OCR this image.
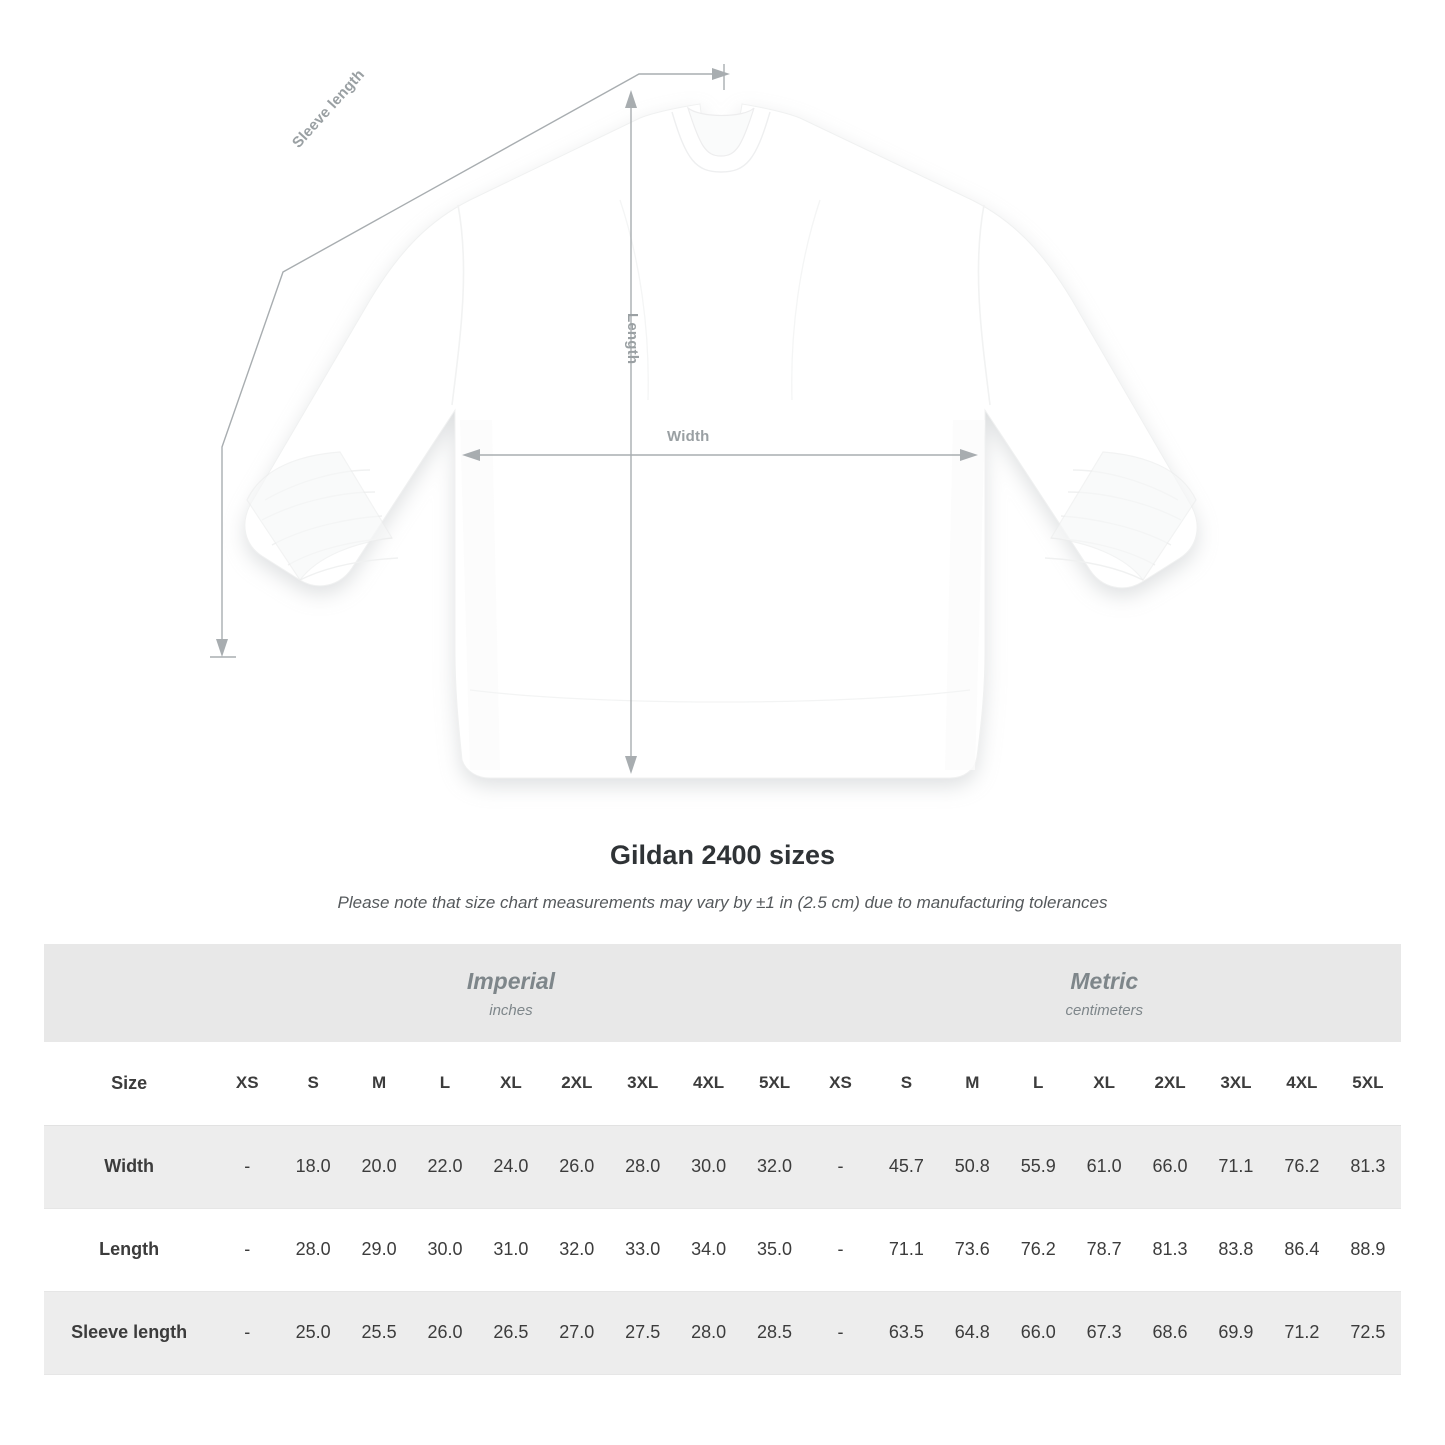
Width
Length
Sleeve length
Gildan 2400 sizes
Please note that size chart measurements may vary by ±1 in (2.5 cm) due to manufacturing tolerances

Imperial
inches

Metric
centimeters

Size	XS	S	M	L	XL	2XL	3XL	4XL	5XL	XS	S	M	L	XL	2XL	3XL	4XL	5XL
Width	-	18.0	20.0	22.0	24.0	26.0	28.0	30.0	32.0	-	45.7	50.8	55.9	61.0	66.0	71.1	76.2	81.3
Length	-	28.0	29.0	30.0	31.0	32.0	33.0	34.0	35.0	-	71.1	73.6	76.2	78.7	81.3	83.8	86.4	88.9
Sleeve length	-	25.0	25.5	26.0	26.5	27.0	27.5	28.0	28.5	-	63.5	64.8	66.0	67.3	68.6	69.9	71.2	72.5
